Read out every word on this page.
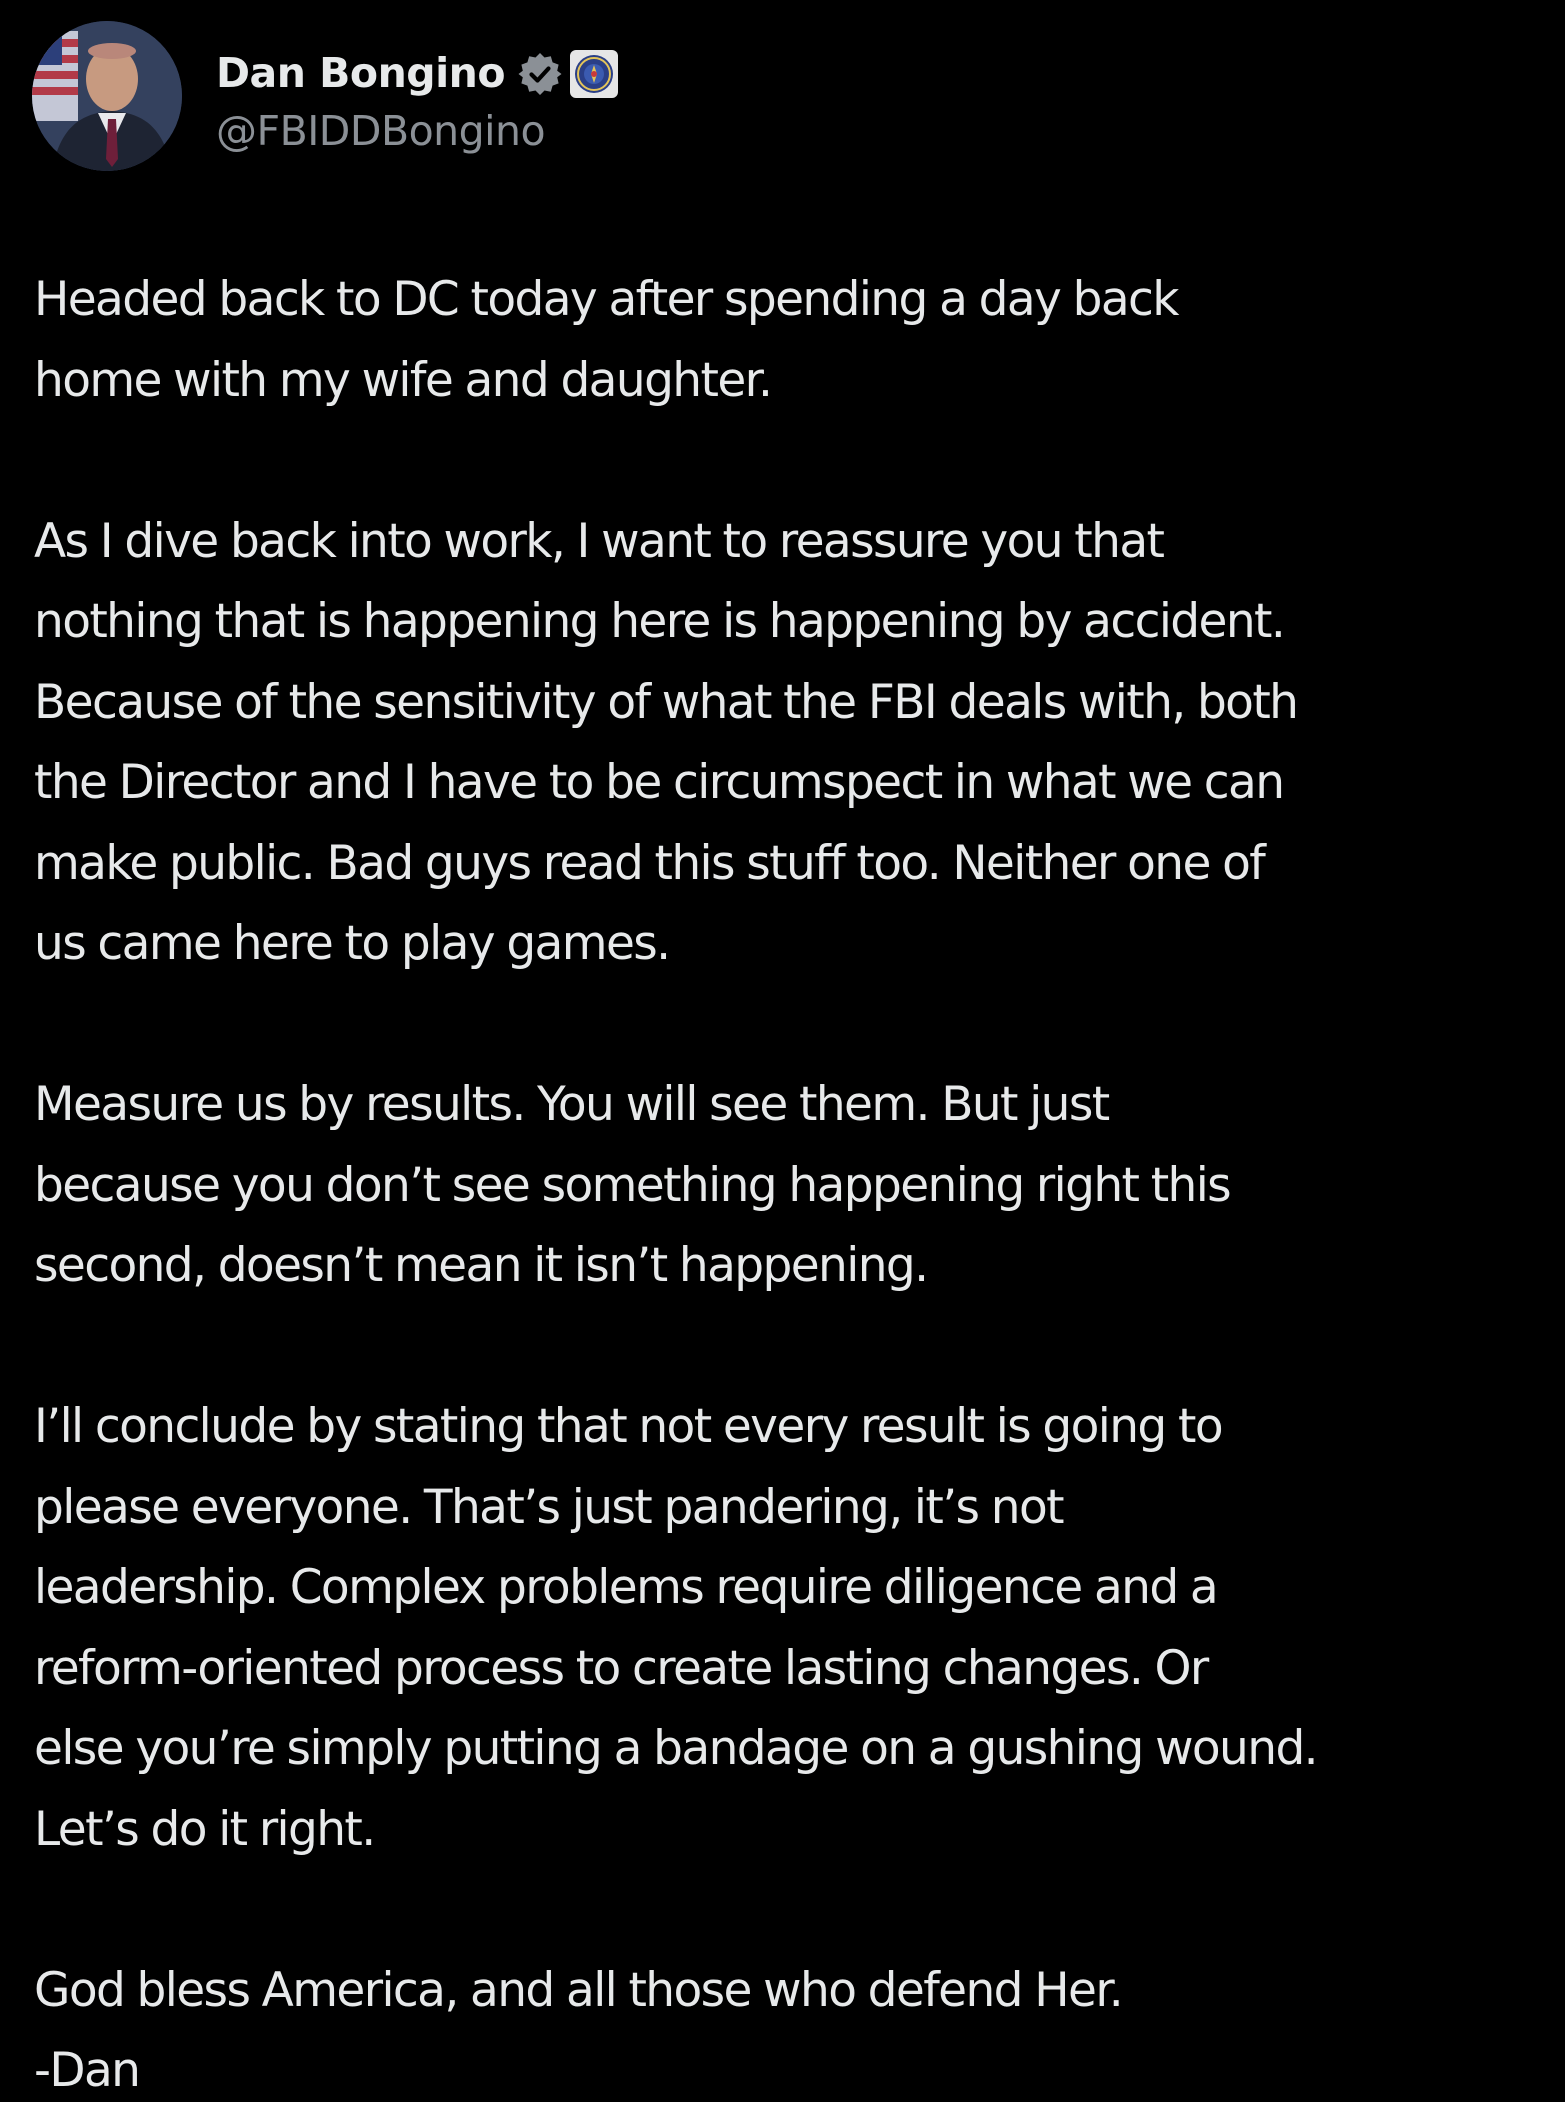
Dan Bongino
@FBIDDBongino

Headed back to DC today after spending a day back
home with my wife and daughter.

As I dive back into work, I want to reassure you that
nothing that is happening here is happening by accident.
Because of the sensitivity of what the FBI deals with, both
the Director and I have to be circumspect in what we can
make public. Bad guys read this stuff too. Neither one of
us came here to play games.

Measure us by results. You will see them. But just
because you don’t see something happening right this
second, doesn’t mean it isn’t happening.

I’ll conclude by stating that not every result is going to
please everyone. That’s just pandering, it’s not
leadership. Complex problems require diligence and a
reform-oriented process to create lasting changes. Or
else you’re simply putting a bandage on a gushing wound.
Let’s do it right.

God bless America, and all those who defend Her.
-Dan
